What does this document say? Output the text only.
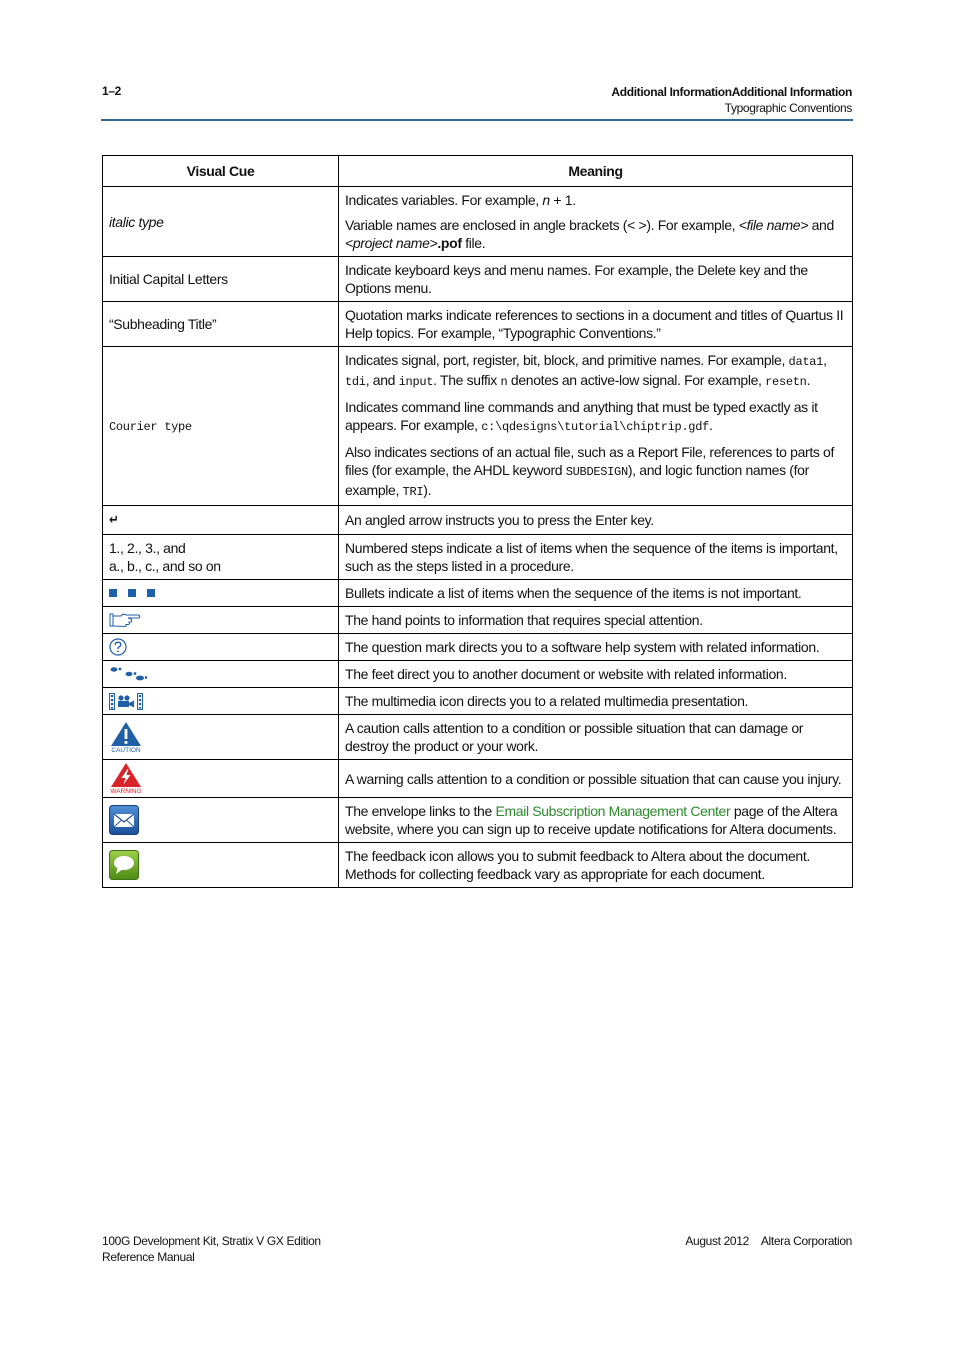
1–2	Additional InformationAdditional Information
Typographic Conventions
Visual Cue	Meaning
italic type	Indicates variables. For example, n + 1.

Variable names are enclosed in angle brackets (< >). For example, <file name> and <project name>.pof file.

Initial Capital Letters	Indicate keyboard keys and menu names. For example, the Delete key and the Options menu.
“Subheading Title”	Quotation marks indicate references to sections in a document and titles of Quartus II Help topics. For example, “Typographic Conventions.”
Courier type	Indicates signal, port, register, bit, block, and primitive names. For example, data1, tdi, and input. The suffix n denotes an active-low signal. For example, resetn.

Indicates command line commands and anything that must be typed exactly as it appears. For example, c:\qdesigns\tutorial\chiptrip.gdf.

Also indicates sections of an actual file, such as a Report File, references to parts of files (for example, the AHDL keyword SUBDESIGN), and logic function names (for example, TRI).

↵	An angled arrow instructs you to press the Enter key.

1., 2., 3., and
a., b., c., and so on	Numbered steps indicate a list of items when the sequence of the items is important, such as the steps listed in a procedure.

	Bullets indicate a list of items when the sequence of the items is not important.

	The hand points to information that requires special attention.

	The question mark directs you to a software help system with related information.

	The feet direct you to another document or website with related information.

	The multimedia icon directs you to a related multimedia presentation.

CAUTION	A caution calls attention to a condition or possible situation that can damage or destroy the product or your work.

WARNING	A warning calls attention to a condition or possible situation that can cause you injury.

	The envelope links to the Email Subscription Management Center page of the Altera website, where you can sign up to receive update notifications for Altera documents.

	The feedback icon allows you to submit feedback to Altera about the document. Methods for collecting feedback vary as appropriate for each document.
100G Development Kit, Stratix V GX Edition
Reference Manual
August 2012 Altera Corporation
